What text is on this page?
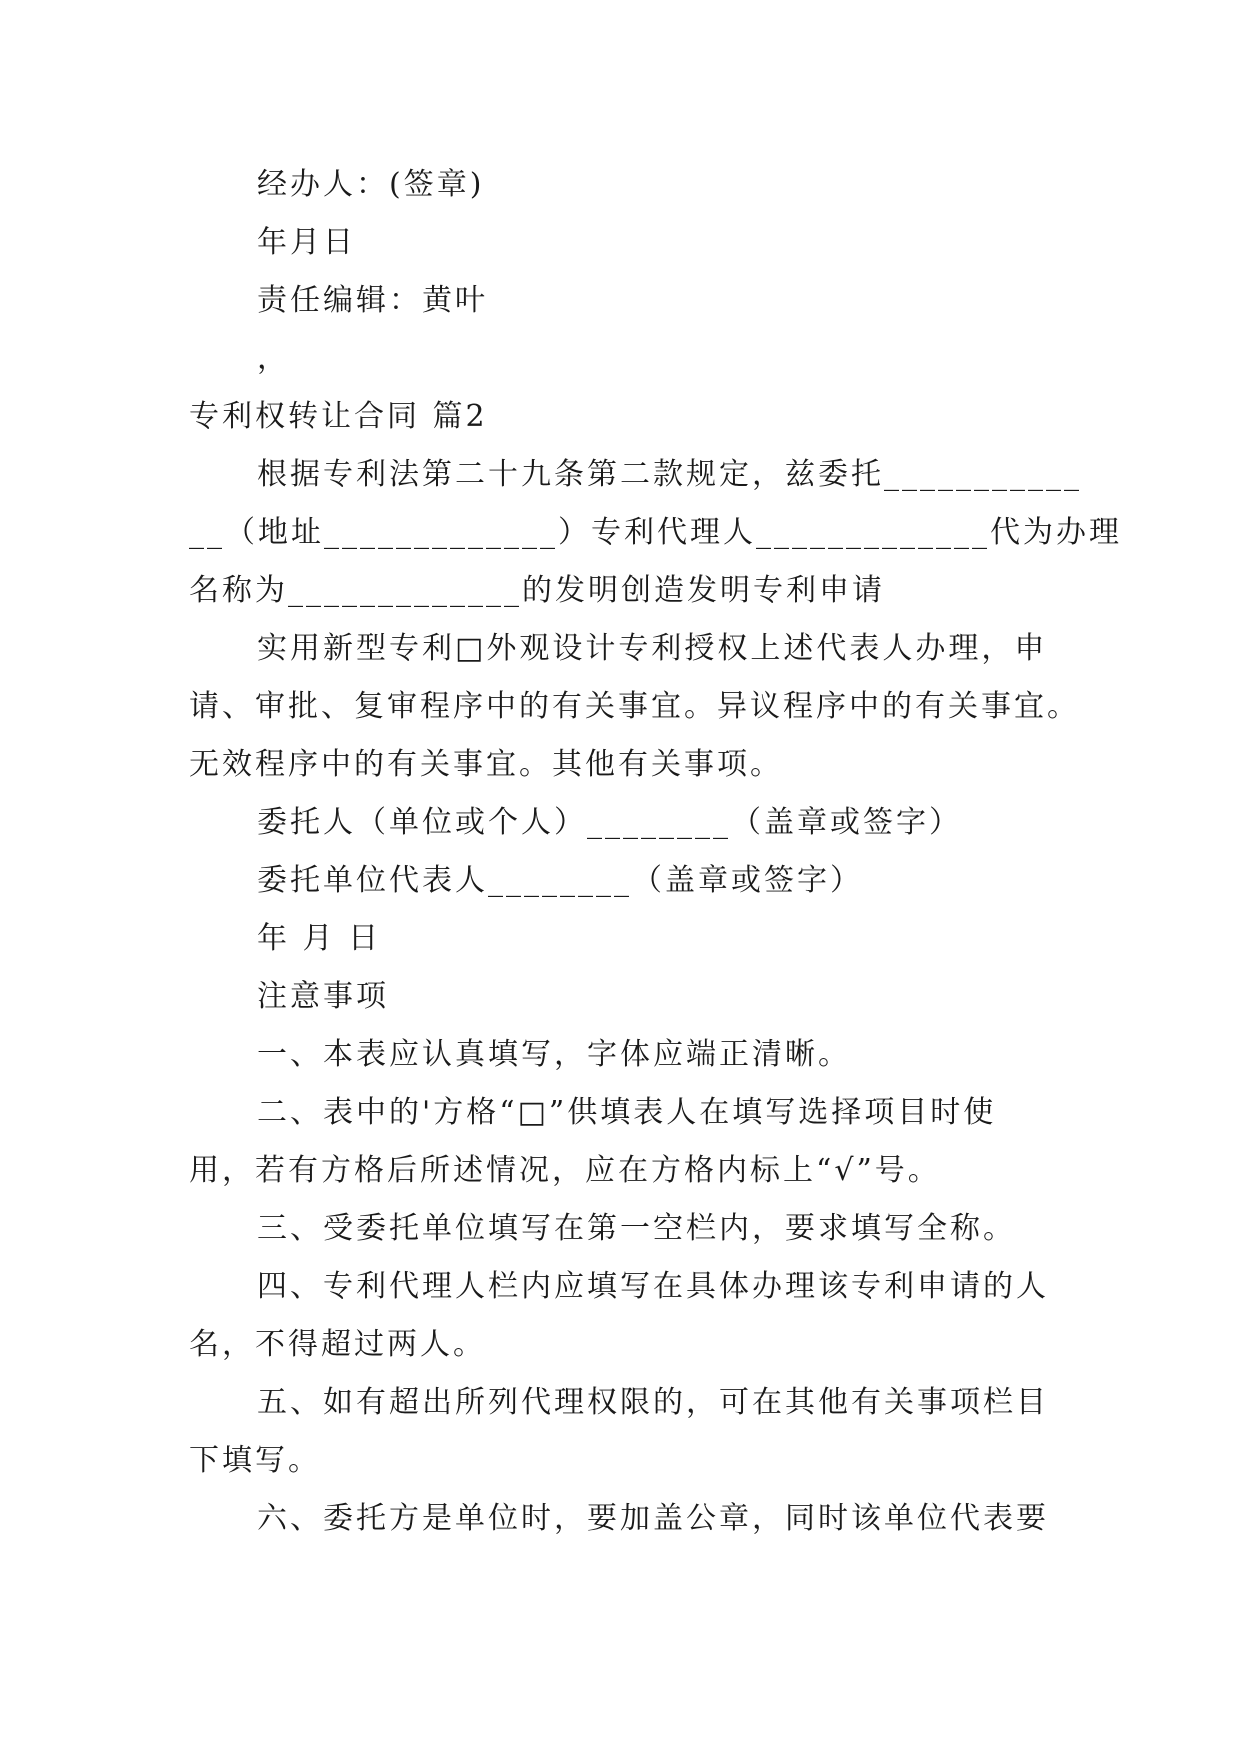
经办人：(签章)
年月日
责任编辑：黄叶
，
专利权转让合同 篇2
根据专利法第二十九条第二款规定，兹委托___________
__（地址_____________）专利代理人_____________代为办理
名称为_____________的发明创造发明专利申请
实用新型专利□外观设计专利授权上述代表人办理，申
请、审批、复审程序中的有关事宜。异议程序中的有关事宜。
无效程序中的有关事宜。其他有关事项。
委托人（单位或个人）________（盖章或签字）
委托单位代表人________（盖章或签字）
年 月 日
注意事项
一、本表应认真填写，字体应端正清晰。
二、表中的'方格“□”供填表人在填写选择项目时使
用，若有方格后所述情况，应在方格内标上“√”号。
三、受委托单位填写在第一空栏内，要求填写全称。
四、专利代理人栏内应填写在具体办理该专利申请的人
名，不得超过两人。
五、如有超出所列代理权限的，可在其他有关事项栏目
下填写。
六、委托方是单位时，要加盖公章，同时该单位代表要
